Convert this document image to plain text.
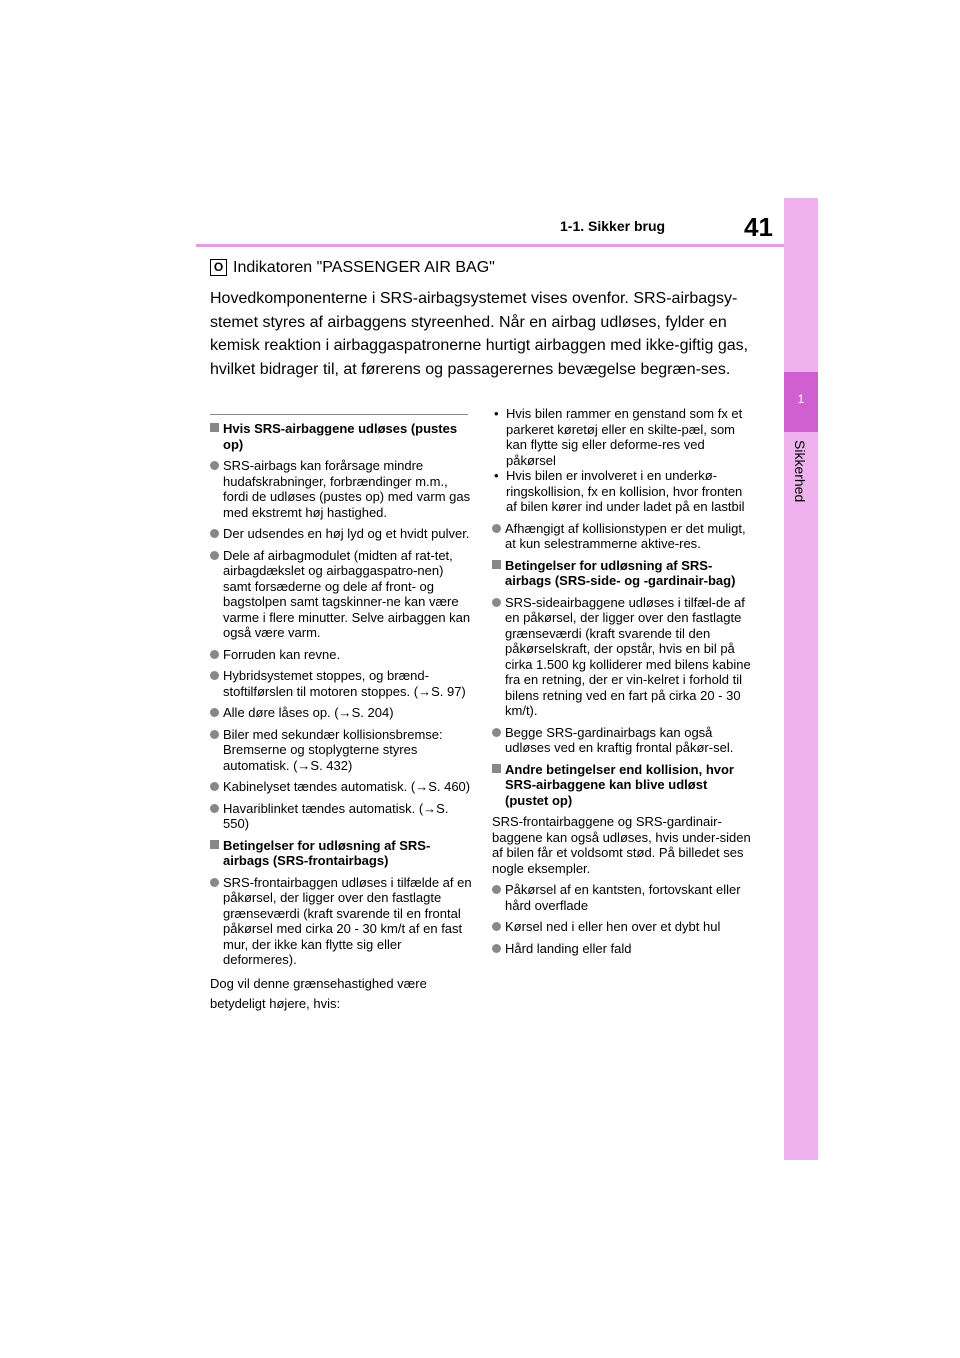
1
Sikkerhed
1-1. Sikker brug	41
O Indikatoren "PASSENGER AIR BAG"
Hovedkomponenterne i SRS-airbagsystemet vises ovenfor. SRS-airbagsy-stemet styres af airbaggens styreenhed. Når en airbag udløses, fylder en kemisk reaktion i airbaggaspatronerne hurtigt airbaggen med ikke-giftig gas, hvilket bidrager til, at førerens og passagerernes bevægelse begræn-ses.
Hvis SRS-airbaggene udløses (pustes op)
SRS-airbags kan forårsage mindre hudafskrabninger, forbrændinger m.m., fordi de udløses (pustes op) med varm gas med ekstremt høj hastighed.
Der udsendes en høj lyd og et hvidt pulver.
Dele af airbagmodulet (midten af rat-tet, airbagdækslet og airbaggaspatro-nen) samt forsæderne og dele af front- og bagstolpen samt tagskinner-ne kan være varme i flere minutter. Selve airbaggen kan også være varm.
Forruden kan revne.
Hybridsystemet stoppes, og brænd-stoftilførslen til motoren stoppes. (→S. 97)
Alle døre låses op. (→S. 204)
Biler med sekundær kollisionsbremse: Bremserne og stoplygterne styres automatisk. (→S. 432)
Kabinelyset tændes automatisk. (→S. 460)
Havariblinket tændes automatisk. (→S. 550)
Betingelser for udløsning af SRS-airbags (SRS-frontairbags)
SRS-frontairbaggen udløses i tilfælde af en påkørsel, der ligger over den fastlagte grænseværdi (kraft svarende til en frontal påkørsel med cirka 20 - 30 km/t af en fast mur, der ikke kan flytte sig eller deformeres).
Dog vil denne grænsehastighed være betydeligt højere, hvis:
• Hvis bilen rammer en genstand som fx et parkeret køretøj eller en skilte-pæl, som kan flytte sig eller deforme-res ved påkørsel
• Hvis bilen er involveret i en underkø-ringskollision, fx en kollision, hvor fronten af bilen kører ind under ladet på en lastbil
Afhængigt af kollisionstypen er det muligt, at kun selestrammerne aktive-res.
Betingelser for udløsning af SRS-airbags (SRS-side- og -gardinair-bag)
SRS-sideairbaggene udløses i tilfæl-de af en påkørsel, der ligger over den fastlagte grænseværdi (kraft svarende til den påkørselskraft, der opstår, hvis en bil på cirka 1.500 kg kolliderer med bilens kabine fra en retning, der er vin-kelret i forhold til bilens retning ved en fart på cirka 20 - 30 km/t).
Begge SRS-gardinairbags kan også udløses ved en kraftig frontal påkør-sel.
Andre betingelser end kollision, hvor SRS-airbaggene kan blive udløst (pustet op)
SRS-frontairbaggene og SRS-gardinair-baggene kan også udløses, hvis under-siden af bilen får et voldsomt stød. På billedet ses nogle eksempler.
Påkørsel af en kantsten, fortovskant eller hård overflade
Kørsel ned i eller hen over et dybt hul
Hård landing eller fald
